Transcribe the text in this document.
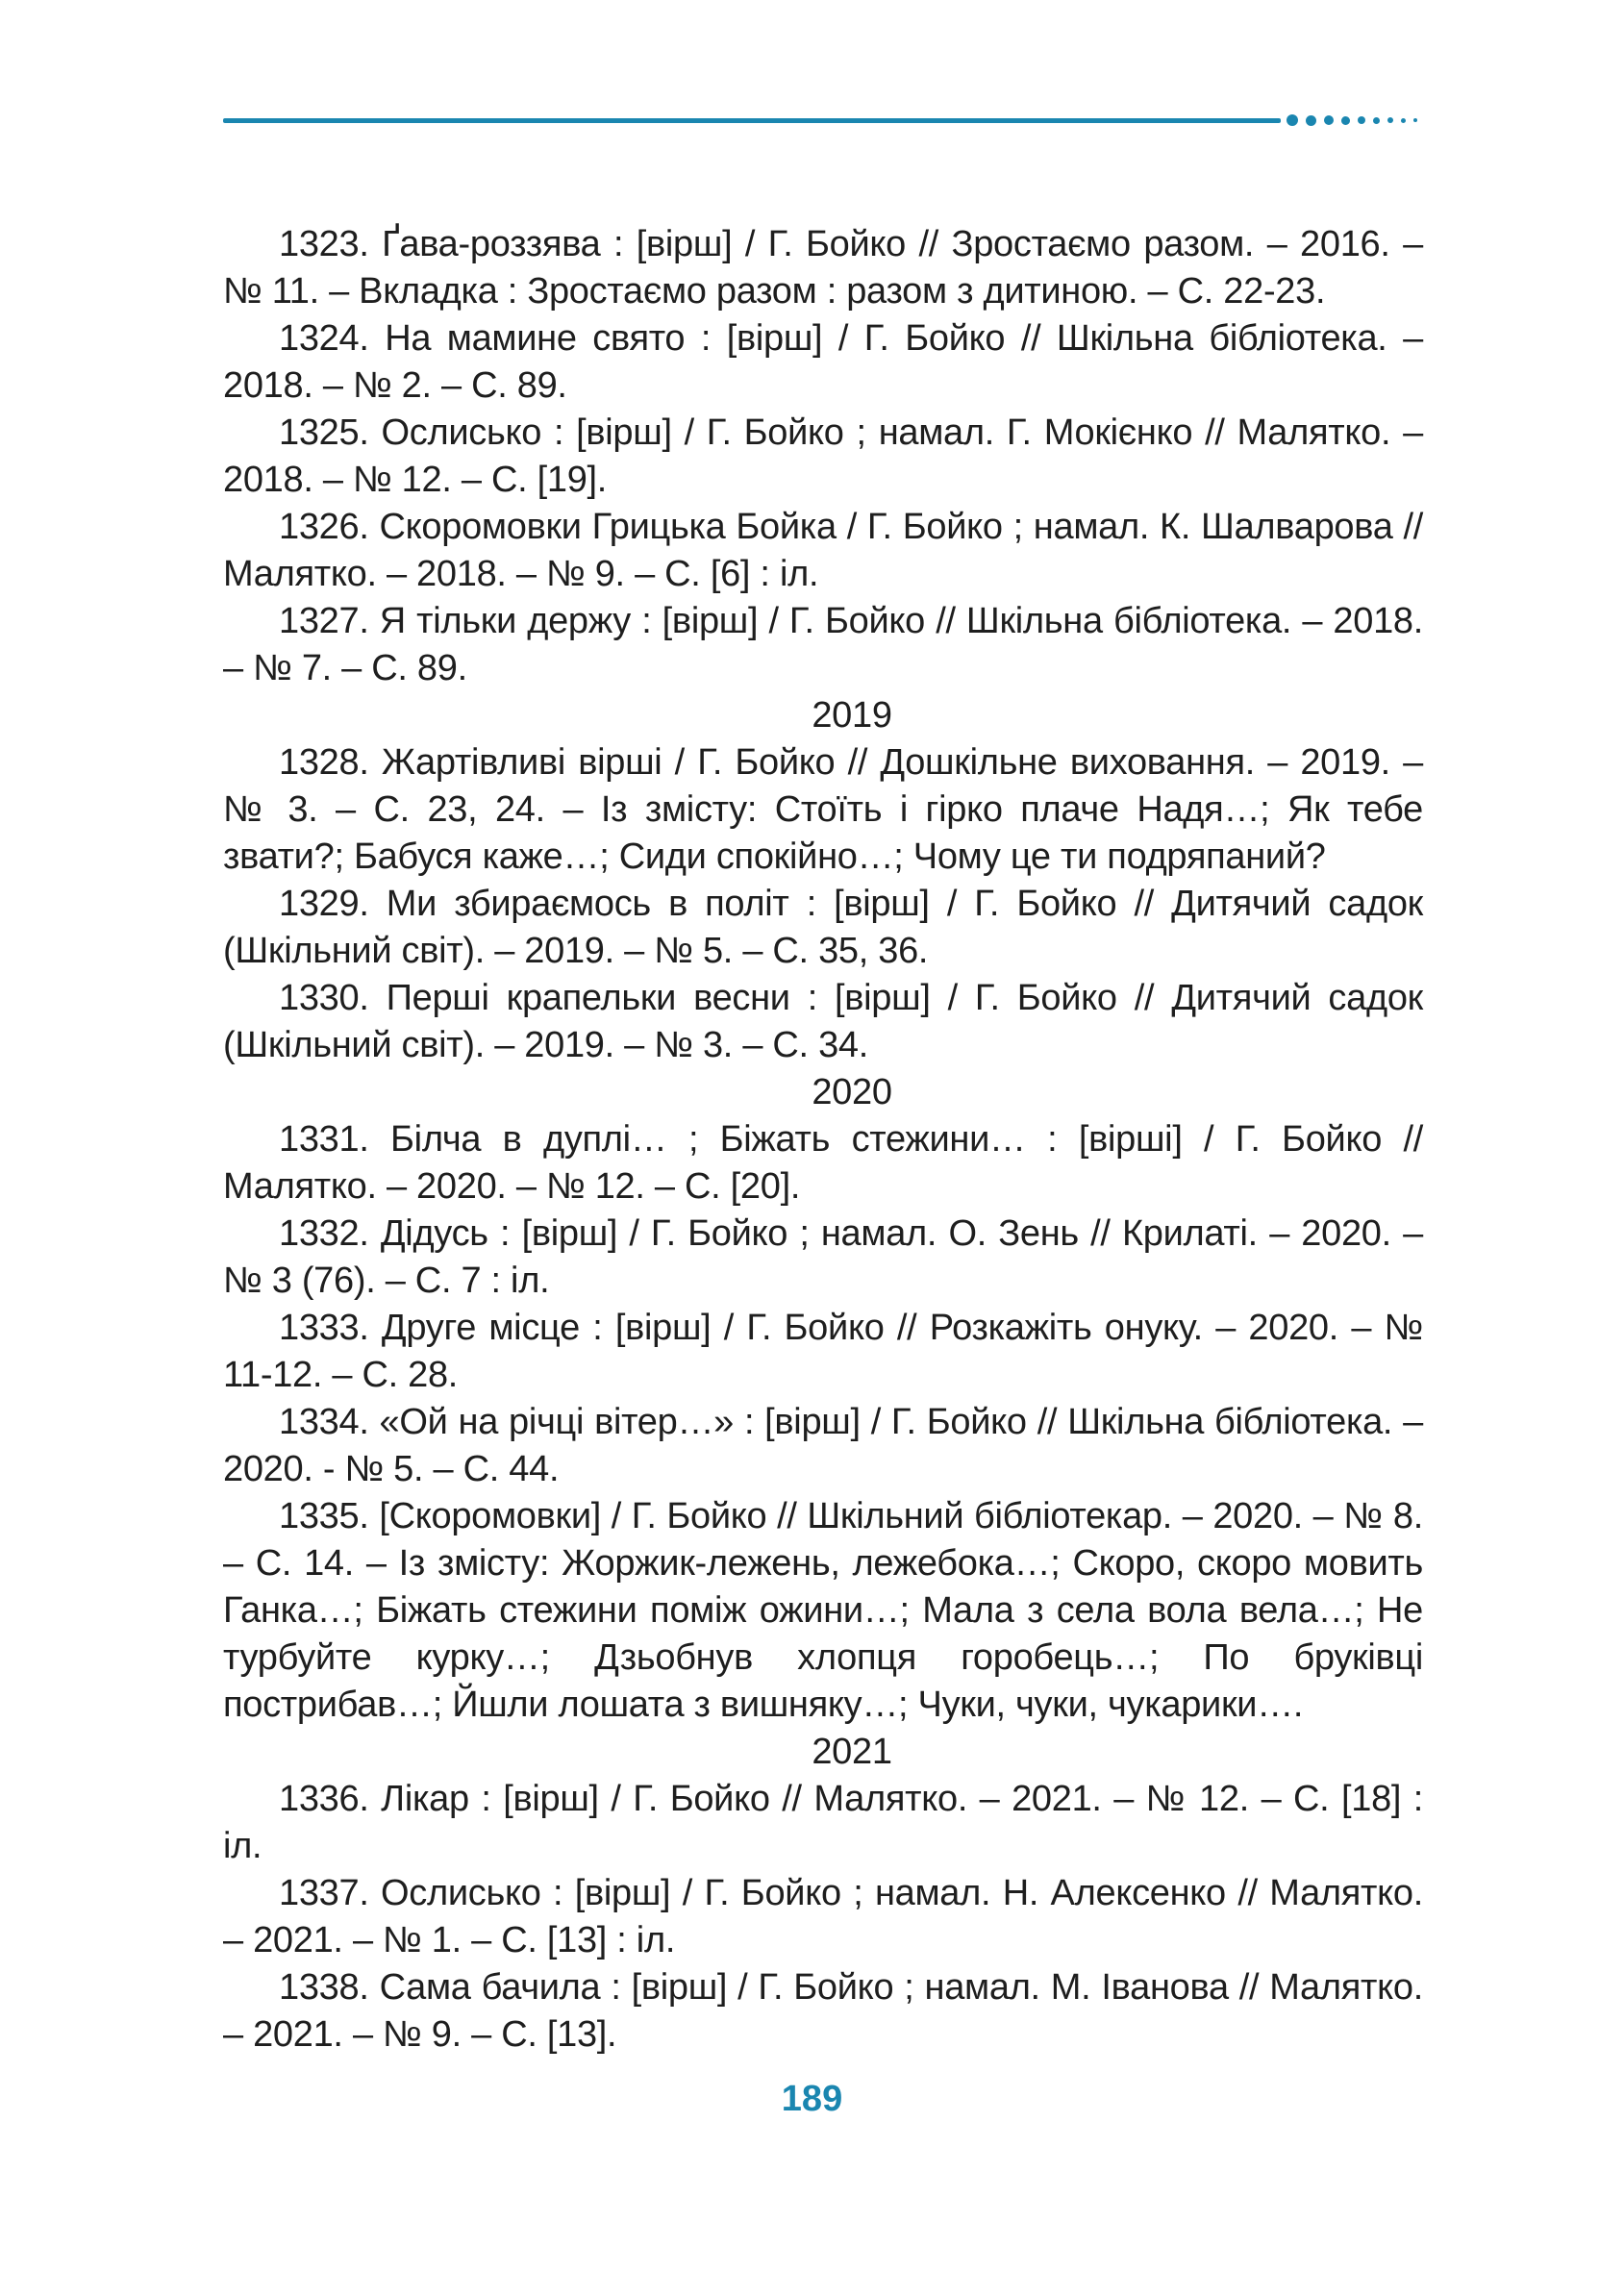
1323. Ґава-роззява : [вірш] / Г. Бойко // Зростаємо разом. – 2016. – № 11. – Вкладка : Зростаємо разом : разом з дитиною. – С. 22-23.

1324. На мамине свято : [вірш] / Г. Бойко // Шкільна бібліотека. – 2018. – № 2. – С. 89.

1325. Ослисько : [вірш] / Г. Бойко ; намал. Г. Мокієнко // Малятко. – 2018. – № 12. – С. [19].

1326. Скоромовки Грицька Бойка / Г. Бойко ; намал. К. Шалварова // Малятко. – 2018. – № 9. – С. [6] : іл.

1327. Я тільки держу : [вірш] / Г. Бойко // Шкільна бібліотека. – 2018. – № 7. – С. 89.

2019

1328. Жартівливі вірші / Г. Бойко // Дошкільне виховання. – 2019. – № 3. – С. 23, 24. – Із змісту: Стоїть і гірко плаче Надя…; Як тебе звати?; Бабуся каже…; Сиди спокійно…; Чому це ти подряпаний?

1329. Ми збираємось в політ : [вірш] / Г. Бойко // Дитячий садок (Шкільний світ). – 2019. – № 5. – С. 35, 36.

1330. Перші крапельки весни : [вірш] / Г. Бойко // Дитячий садок (Шкільний світ). – 2019. – № 3. – С. 34.

2020

1331. Білча в дуплі… ; Біжать стежини… : [вірші] / Г. Бойко // Малятко. – 2020. – № 12. – С. [20].

1332. Дідусь : [вірш] / Г. Бойко ; намал. О. Зень // Крилаті. – 2020. – № 3 (76). – С. 7 : іл.

1333. Друге місце : [вірш] / Г. Бойко // Розкажіть онуку. – 2020. – № 11-12. – С. 28.

1334. «Ой на річці вітер…» : [вірш] / Г. Бойко // Шкільна бібліотека. – 2020. - № 5. – С. 44.

1335. [Скоромовки] / Г. Бойко // Шкільний бібліотекар. – 2020. – № 8. – С. 14. – Із змісту: Жоржик-лежень, лежебока…; Скоро, скоро мовить Ганка…; Біжать стежини поміж ожини…; Мала з села вола вела…; Не турбуйте курку…; Дзьобнув хлопця горобець…; По бруківці пострибав…; Йшли лошата з вишняку…; Чуки, чуки, чукарики….

2021

1336. Лікар : [вірш] / Г. Бойко // Малятко. – 2021. – № 12. – С. [18] : іл.

1337. Ослисько : [вірш] / Г. Бойко ; намал. Н. Алексенко // Малятко. – 2021. – № 1. – С. [13] : іл.

1338. Сама бачила : [вірш] / Г. Бойко ; намал. М. Іванова // Малятко. – 2021. – № 9. – С. [13].

189
